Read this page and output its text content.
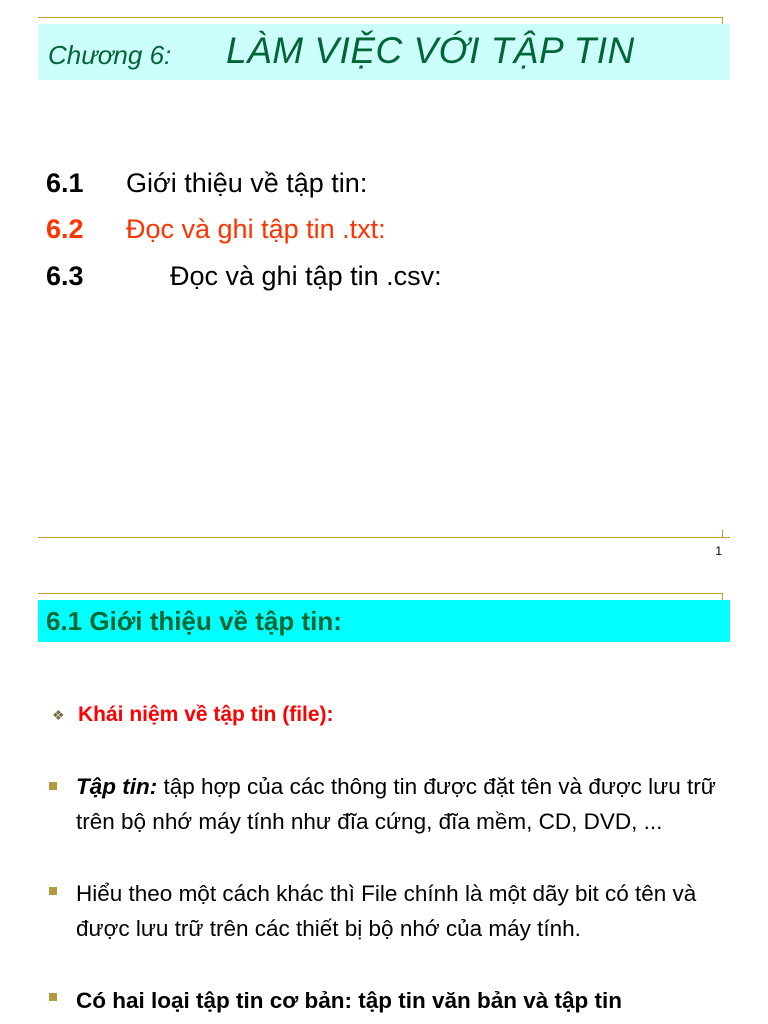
Chương 6: LÀM VIỆC VỚI TẬP TIN
6.1 Giới thiệu về tập tin:
6.2 Đọc và ghi tập tin .txt:
6.3	Đọc và ghi tập tin .csv:
1
6.1 Giới thiệu về tập tin:
❖ Khái niệm về tập tin (file):
Tập tin: tập hợp của các thông tin được đặt tên và được lưu trữ trên bộ nhớ máy tính như đĩa cứng, đĩa mềm, CD, DVD, ...
Hiểu theo một cách khác thì File chính là một dãy bit có tên và được lưu trữ trên các thiết bị bộ nhớ của máy tính.
Có hai loại tập tin cơ bản: tập tin văn bản và tập tin
